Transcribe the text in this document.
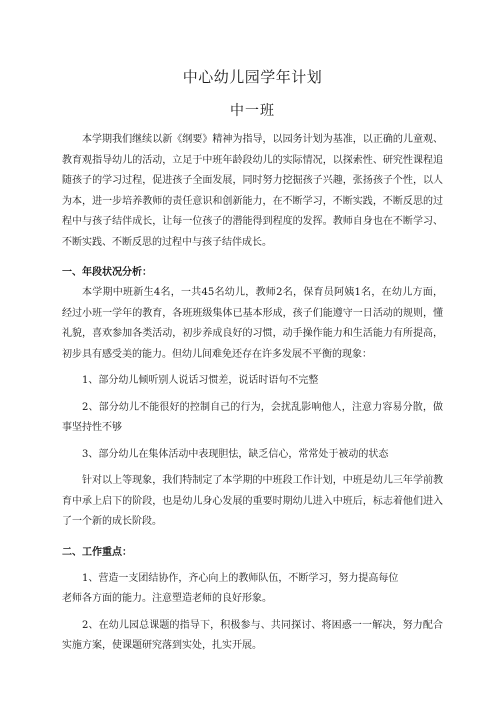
中心幼儿园学年计划
中一班

本学期我们继续以新《纲要》精神为指导，以园务计划为基准，以正确的儿童观、教育观指导幼儿的活动，立足于中班年龄段幼儿的实际情况，以探索性、研究性课程追随孩子的学习过程，促进孩子全面发展，同时努力挖掘孩子兴趣，张扬孩子个性，以人为本，进一步培养教师的责任意识和创新能力，在不断学习，不断实践，不断反思的过程中与孩子结伴成长，让每一位孩子的潜能得到程度的发挥。教师自身也在不断学习、不断实践、不断反思的过程中与孩子结伴成长。

一、年段状况分析：

本学期中班新生4名，一共45名幼儿，教师2名，保育员阿姨1名，在幼儿方面，经过小班一学年的教育，各班班级集体已基本形成，孩子们能遵守一日活动的规则，懂礼貌，喜欢参加各类活动，初步养成良好的习惯，动手操作能力和生活能力有所提高，初步具有感受美的能力。但幼儿间难免还存在许多发展不平衡的现象：

1、部分幼儿倾听别人说话习惯差，说话时语句不完整

2、部分幼儿不能很好的控制自己的行为，会扰乱影响他人，注意力容易分散，做事坚持性不够

3、部分幼儿在集体活动中表现胆怯，缺乏信心，常常处于被动的状态

针对以上等现象，我们特制定了本学期的中班段工作计划，中班是幼儿三年学前教育中承上启下的阶段，也是幼儿身心发展的重要时期幼儿进入中班后，标志着他们进入了一个新的成长阶段。

二、工作重点：

1、营造一支团结协作，齐心向上的教师队伍，不断学习，努力提高每位

老师各方面的能力。注意塑造老师的良好形象。

2、在幼儿园总课题的指导下，积极参与、共同探讨、将困惑一一解决，努力配合实施方案，使课题研究落到实处，扎实开展。
